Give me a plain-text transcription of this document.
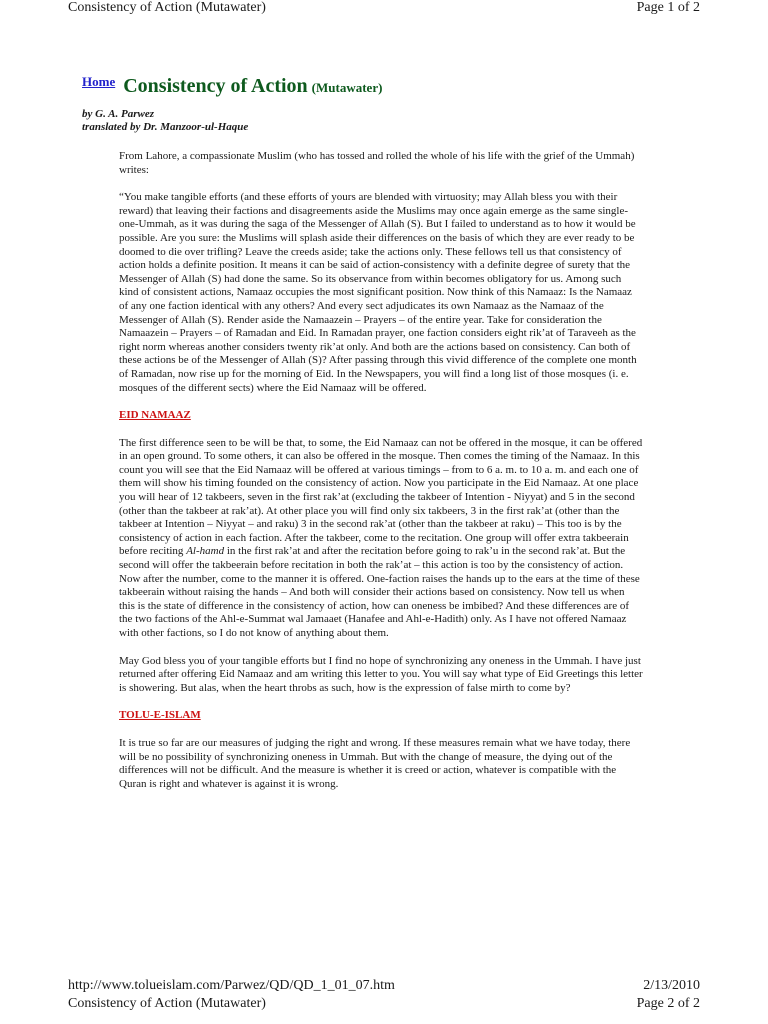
Consistency of Action (Mutawater)	Page 1 of 2
$^{Home}$ Consistency of Action (Mutawater)
by G. A. Parwez
translated by Dr. Manzoor-ul-Haque

From Lahore, a compassionate Muslim (who has tossed and rolled the whole of his life with the grief of the Ummah) writes:

“You make tangible efforts (and these efforts of yours are blended with virtuosity; may Allah bless you with their reward) that leaving their factions and disagreements aside the Muslims may once again emerge as the same single-one-Ummah, as it was during the saga of the Messenger of Allah (S). But I failed to understand as to how it would be possible. Are you sure: the Muslims will splash aside their differences on the basis of which they are ever ready to be doomed to die over trifling? Leave the creeds aside; take the actions only. These fellows tell us that consistency of action holds a definite position. It means it can be said of action-consistency with a definite degree of surety that the Messenger of Allah (S) had done the same. So its observance from within becomes obligatory for us. Among such kind of consistent actions, Namaaz occupies the most significant position. Now think of this Namaaz: Is the Namaaz of any one faction identical with any others? And every sect adjudicates its own Namaaz as the Namaaz of the Messenger of Allah (S). Render aside the Namaazein – Prayers – of the entire year. Take for consideration the Namaazein – Prayers – of Ramadan and Eid. In Ramadan prayer, one faction considers eight rik’at of Taraveeh as the right norm whereas another considers twenty rik’at only. And both are the actions based on consistency. Can both of these actions be of the Messenger of Allah (S)? After passing through this vivid difference of the complete one month of Ramadan, now rise up for the morning of Eid. In the Newspapers, you will find a long list of those mosques (i. e. mosques of the different sects) where the Eid Namaaz will be offered.

EID NAMAAZ

The first difference seen to be will be that, to some, the Eid Namaaz can not be offered in the mosque, it can be offered in an open ground. To some others, it can also be offered in the mosque. Then comes the timing of the Namaaz. In this count you will see that the Eid Namaaz will be offered at various timings – from to 6 a. m. to 10 a. m. and each one of them will show his timing founded on the consistency of action. Now you participate in the Eid Namaaz. At one place you will hear of 12 takbeers, seven in the first rak’at (excluding the takbeer of Intention - Niyyat) and 5 in the second (other than the takbeer at rak’at). At other place you will find only six takbeers, 3 in the first rak’at (other than the takbeer at Intention – Niyyat – and raku) 3 in the second rak’at (other than the takbeer at raku) – This too is by the consistency of action in each faction. After the takbeer, come to the recitation. One group will offer extra takbeerain before reciting Al-hamd in the first rak’at and after the recitation before going to rak’u in the second rak’at. But the second will offer the takbeerain before recitation in both the rak’at – this action is too by the consistency of action. Now after the number, come to the manner it is offered. One-faction raises the hands up to the ears at the time of these takbeerain without raising the hands – And both will consider their actions based on consistency. Now tell us when this is the state of difference in the consistency of action, how can oneness be imbibed? And these differences are of the two factions of the Ahl-e-Summat wal Jamaaet (Hanafee and Ahl-e-Hadith) only. As I have not offered Namaaz with other factions, so I do not know of anything about them.

May God bless you of your tangible efforts but I find no hope of synchronizing any oneness in the Ummah. I have just returned after offering Eid Namaaz and am writing this letter to you. You will say what type of Eid Greetings this letter is showering. But alas, when the heart throbs as such, how is the expression of false mirth to come by?

TOLU-E-ISLAM

It is true so far are our measures of judging the right and wrong. If these measures remain what we have today, there will be no possibility of synchronizing oneness in Ummah. But with the change of measure, the dying out of the differences will not be difficult. And the measure is whether it is creed or action, whatever is compatible with the Quran is right and whatever is against it is wrong.

http://www.tolueislam.com/Parwez/QD/QD_1_01_07.htm	2/13/2010
Consistency of Action (Mutawater)	Page 2 of 2
